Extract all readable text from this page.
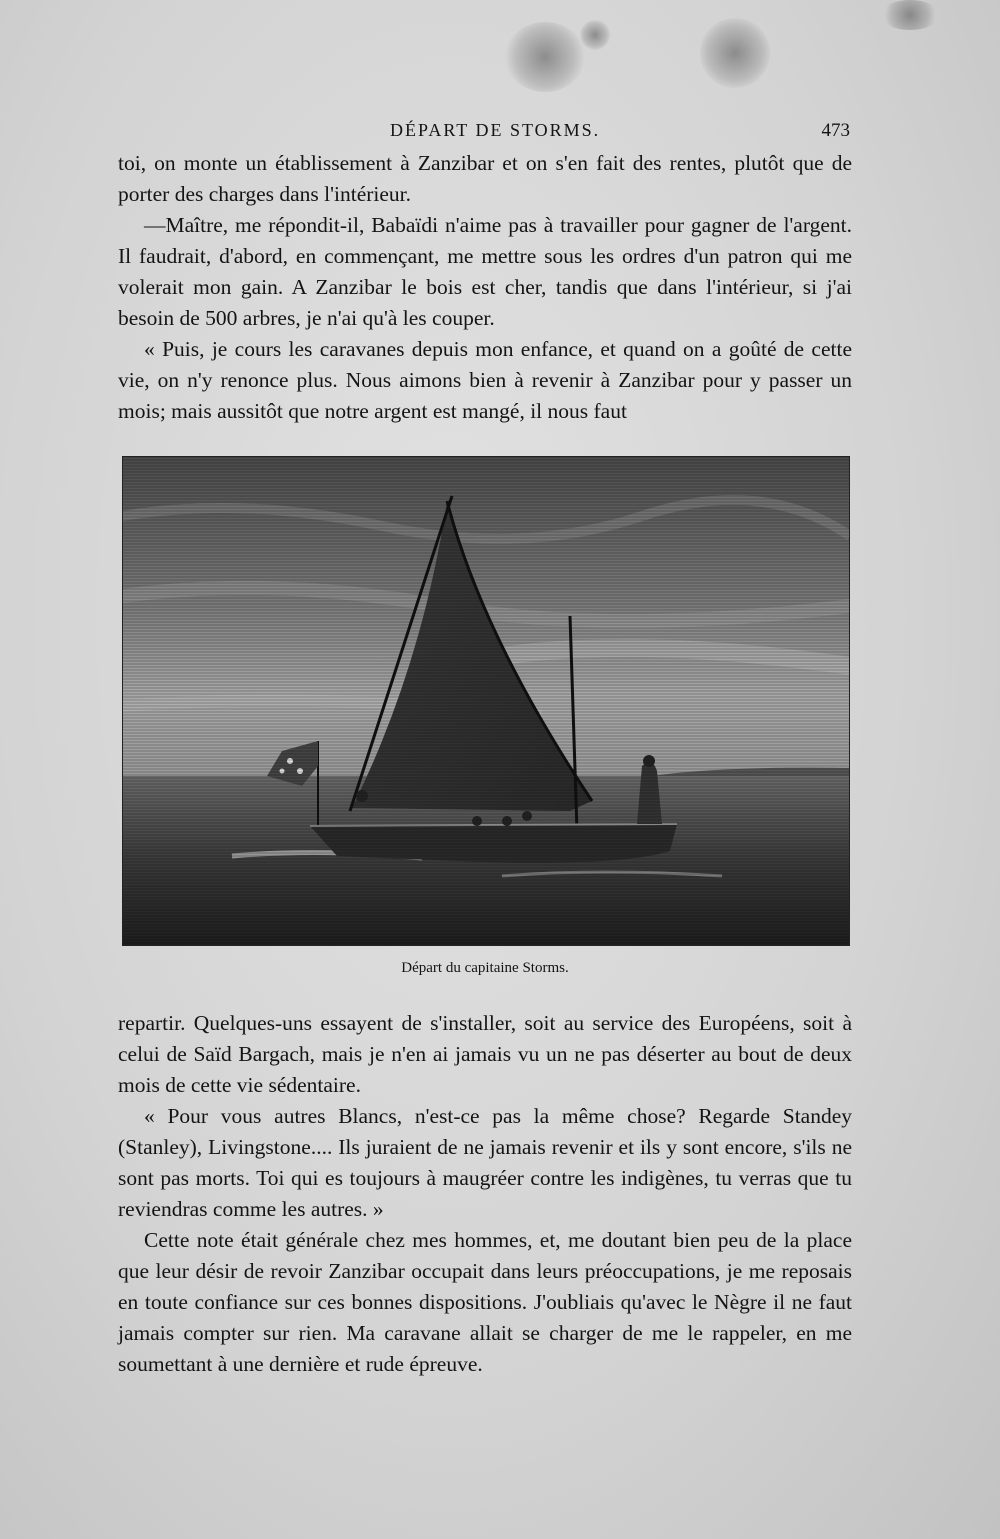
DÉPART DE STORMS.	473

toi, on monte un établissement à Zanzibar et on s'en fait des rentes, plutôt que de porter des charges dans l'intérieur.

—Maître, me répondit-il, Babaïdi n'aime pas à travailler pour gagner de l'argent. Il faudrait, d'abord, en commençant, me mettre sous les ordres d'un patron qui me volerait mon gain. A Zanzibar le bois est cher, tandis que dans l'intérieur, si j'ai besoin de 500 arbres, je n'ai qu'à les couper.

« Puis, je cours les caravanes depuis mon enfance, et quand on a goûté de cette vie, on n'y renonce plus. Nous aimons bien à revenir à Zanzibar pour y passer un mois; mais aussitôt que notre argent est mangé, il nous faut

Départ du capitaine Storms.

repartir. Quelques-uns essayent de s'installer, soit au service des Européens, soit à celui de Saïd Bargach, mais je n'en ai jamais vu un ne pas déserter au bout de deux mois de cette vie sédentaire.

« Pour vous autres Blancs, n'est-ce pas la même chose? Regarde Standey (Stanley), Livingstone.... Ils juraient de ne jamais revenir et ils y sont encore, s'ils ne sont pas morts. Toi qui es toujours à maugréer contre les indigènes, tu verras que tu reviendras comme les autres. »

Cette note était générale chez mes hommes, et, me doutant bien peu de la place que leur désir de revoir Zanzibar occupait dans leurs préoccupations, je me reposais en toute confiance sur ces bonnes dispositions. J'oubliais qu'avec le Nègre il ne faut jamais compter sur rien. Ma caravane allait se charger de me le rappeler, en me soumettant à une dernière et rude épreuve.
